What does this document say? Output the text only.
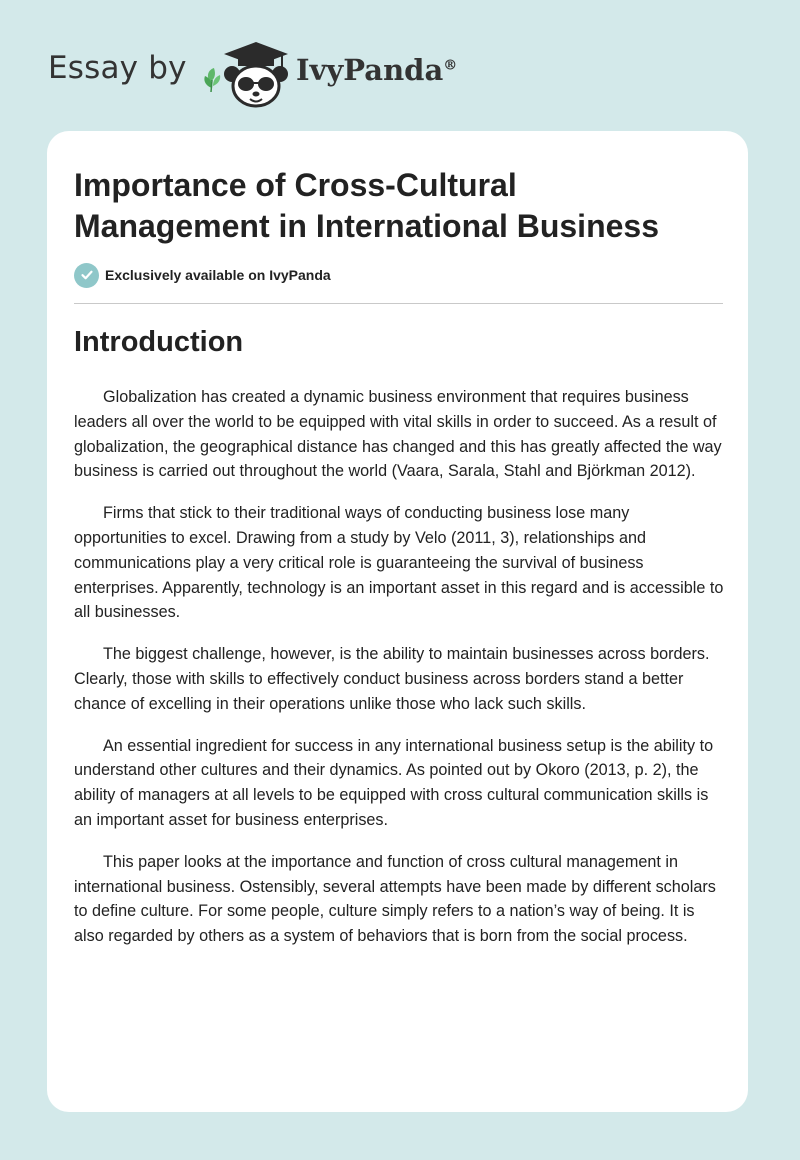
Essay by	IvyPanda®
Importance of Cross-Cultural Management in International Business
Exclusively available on IvyPanda
Introduction

Globalization has created a dynamic business environment that requires business leaders all over the world to be equipped with vital skills in order to succeed. As a result of globalization, the geographical distance has changed and this has greatly affected the way business is carried out throughout the world (Vaara, Sarala, Stahl and Björkman 2012).

Firms that stick to their traditional ways of conducting business lose many opportunities to excel. Drawing from a study by Velo (2011, 3), relationships and communications play a very critical role is guaranteeing the survival of business enterprises. Apparently, technology is an important asset in this regard and is accessible to all businesses.

The biggest challenge, however, is the ability to maintain businesses across borders. Clearly, those with skills to effectively conduct business across borders stand a better chance of excelling in their operations unlike those who lack such skills.

An essential ingredient for success in any international business setup is the ability to understand other cultures and their dynamics. As pointed out by Okoro (2013, p. 2), the ability of managers at all levels to be equipped with cross cultural communication skills is an important asset for business enterprises.

This paper looks at the importance and function of cross cultural management in international business. Ostensibly, several attempts have been made by different scholars to define culture. For some people, culture simply refers to a nation’s way of being. It is also regarded by others as a system of behaviors that is born from the social process.
